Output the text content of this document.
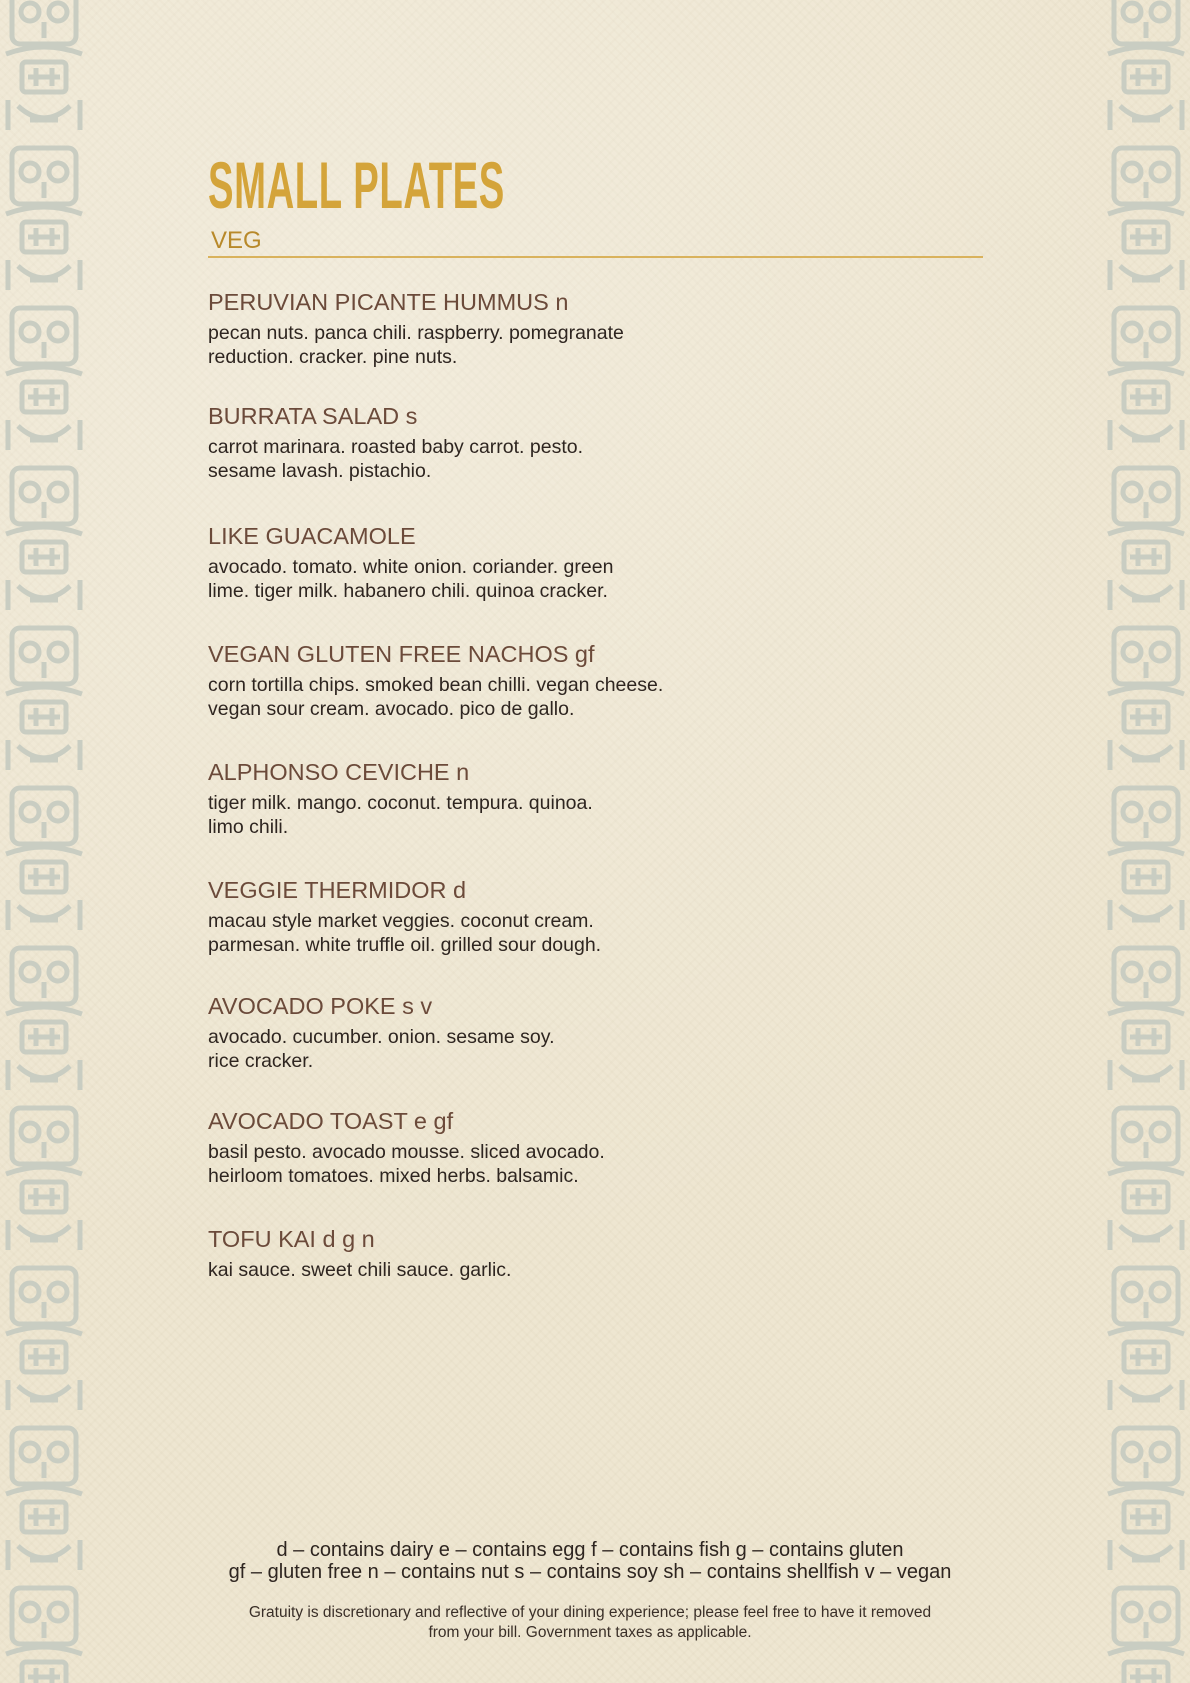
SMALL PLATES
VEG
PERUVIAN PICANTE HUMMUS n
pecan nuts. panca chili. raspberry. pomegranate
reduction. cracker. pine nuts.
BURRATA SALAD s
carrot marinara. roasted baby carrot. pesto.
sesame lavash. pistachio.
LIKE GUACAMOLE
avocado. tomato. white onion. coriander. green
lime. tiger milk. habanero chili. quinoa cracker.
VEGAN GLUTEN FREE NACHOS gf
corn tortilla chips. smoked bean chilli. vegan cheese.
vegan sour cream. avocado. pico de gallo.
ALPHONSO CEVICHE n
tiger milk. mango. coconut. tempura. quinoa.
limo chili.
VEGGIE THERMIDOR d
macau style market veggies. coconut cream.
parmesan. white truffle oil. grilled sour dough.
AVOCADO POKE s v
avocado. cucumber. onion. sesame soy.
rice cracker.
AVOCADO TOAST e gf
basil pesto. avocado mousse. sliced avocado.
heirloom tomatoes. mixed herbs. balsamic.
TOFU KAI d g n
kai sauce. sweet chili sauce. garlic.
d – contains dairy e – contains egg f – contains fish g – contains gluten
gf – gluten free n – contains nut s – contains soy sh – contains shellfish v – vegan
Gratuity is discretionary and reflective of your dining experience; please feel free to have it removed
from your bill. Government taxes as applicable.
